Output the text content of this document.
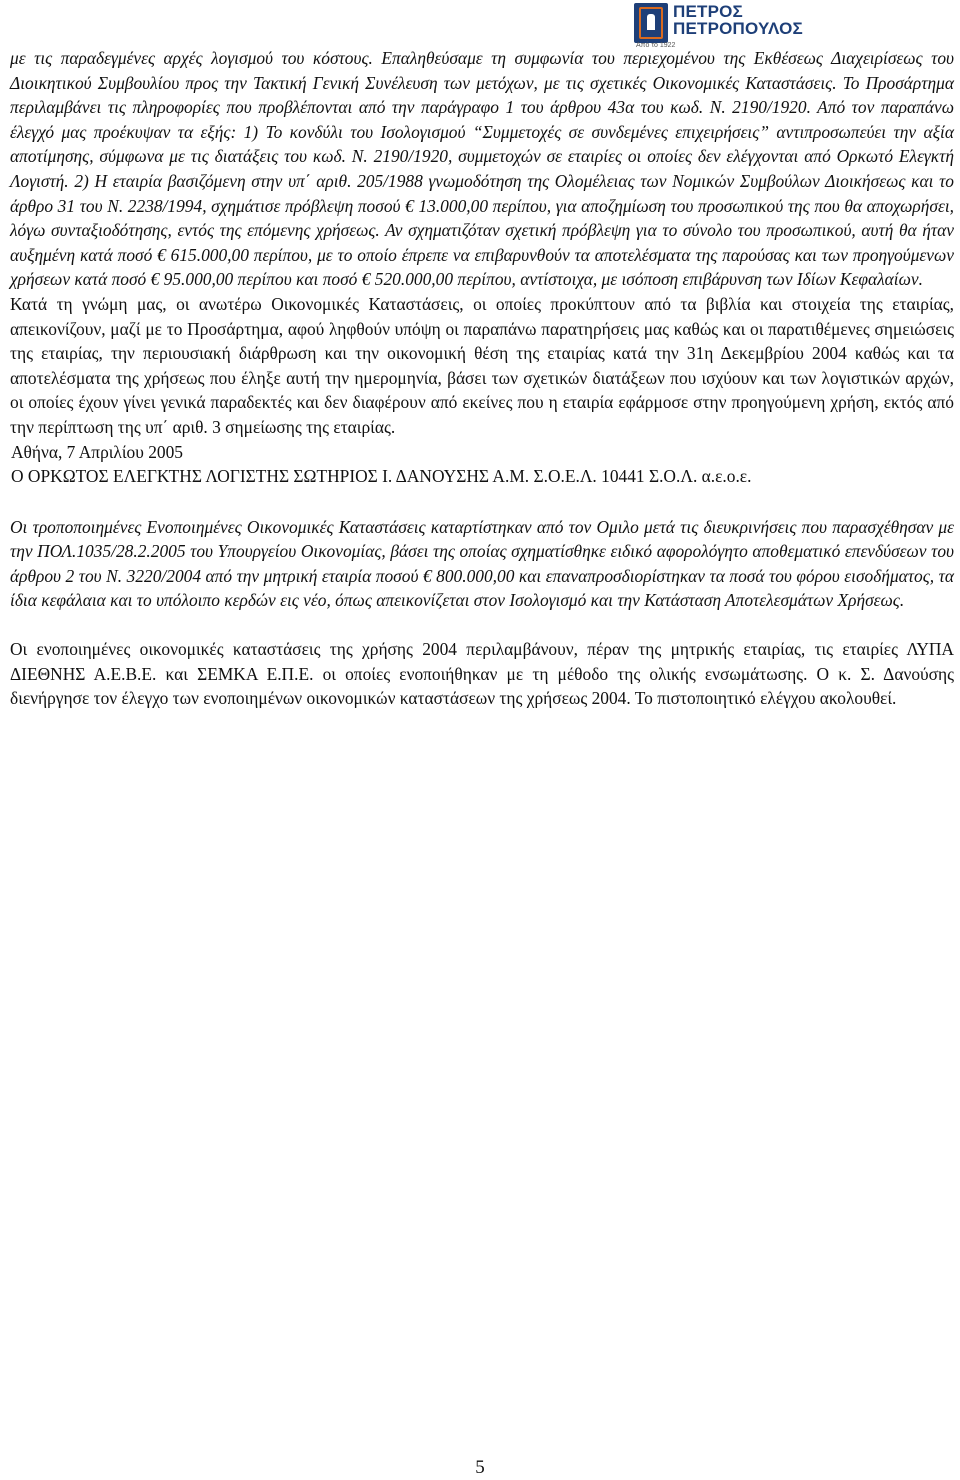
ΠΕΤΡΟΣ
ΠΕΤΡΟΠΟΥΛΟΣ
Από το 1922

με τις παραδεγμένες αρχές λογισμού του κόστους. Επαληθεύσαμε τη συμφωνία του περιεχομένου της Εκθέσεως Διαχειρίσεως του Διοικητικού Συμβουλίου προς την Τακτική Γενική Συνέλευση των μετόχων, με τις σχετικές Οικονομικές Καταστάσεις. Το Προσάρτημα περιλαμβάνει τις πληροφορίες που προβλέπονται από την παράγραφο 1 του άρθρου 43α του κωδ. Ν. 2190/1920. Από τον παραπάνω έλεγχό μας προέκυψαν τα εξής: 1) Το κονδύλι του Ισολογισμού “Συμμετοχές σε συνδεμένες επιχειρήσεις” αντιπροσωπεύει την αξία αποτίμησης, σύμφωνα με τις διατάξεις του κωδ. Ν. 2190/1920, συμμετοχών σε εταιρίες οι οποίες δεν ελέγχονται από Ορκωτό Ελεγκτή Λογιστή. 2) Η εταιρία βασιζόμενη στην υπ΄ αριθ. 205/1988 γνωμοδότηση της Ολομέλειας των Νομικών Συμβούλων Διοικήσεως και το άρθρο 31 του Ν. 2238/1994, σχημάτισε πρόβλεψη ποσού € 13.000,00 περίπου, για αποζημίωση του προσωπικού της που θα αποχωρήσει, λόγω συνταξιοδότησης, εντός της επόμενης χρήσεως. Αν σχηματιζόταν σχετική πρόβλεψη για το σύνολο του προσωπικού, αυτή θα ήταν αυξημένη κατά ποσό € 615.000,00 περίπου, με το οποίο έπρεπε να επιβαρυνθούν τα αποτελέσματα της παρούσας και των προηγούμενων χρήσεων κατά ποσό € 95.000,00 περίπου και ποσό € 520.000,00 περίπου, αντίστοιχα, με ισόποση επιβάρυνση των Ιδίων Κεφαλαίων.

Κατά τη γνώμη μας, οι ανωτέρω Οικονομικές Καταστάσεις, οι οποίες προκύπτουν από τα βιβλία και στοιχεία της εταιρίας, απεικονίζουν, μαζί με το Προσάρτημα, αφού ληφθούν υπόψη οι παραπάνω παρατηρήσεις μας καθώς και οι παρατιθέμενες σημειώσεις της εταιρίας, την περιουσιακή διάρθρωση και την οικονομική θέση της εταιρίας κατά την 31η Δεκεμβρίου 2004 καθώς και τα αποτελέσματα της χρήσεως που έληξε αυτή την ημερομηνία, βάσει των σχετικών διατάξεων που ισχύουν και των λογιστικών αρχών, οι οποίες έχουν γίνει γενικά παραδεκτές και δεν διαφέρουν από εκείνες που η εταιρία εφάρμοσε στην προηγούμενη χρήση, εκτός από την περίπτωση της υπ΄ αριθ. 3 σημείωσης της εταιρίας.

Αθήνα, 7 Απριλίου 2005

Ο ΟΡΚΩΤΟΣ ΕΛΕΓΚΤΗΣ ΛΟΓΙΣΤΗΣ ΣΩΤΗΡΙΟΣ Ι. ΔΑΝΟΥΣΗΣ Α.Μ. Σ.Ο.Ε.Λ. 10441 Σ.Ο.Λ. α.ε.ο.ε.

Οι τροποποιημένες Ενοποιημένες Οικονομικές Καταστάσεις καταρτίστηκαν από τον Ομιλο μετά τις διευκρινήσεις που παρασχέθησαν με την ΠΟΛ.1035/28.2.2005 του Υπουργείου Οικονομίας, βάσει της οποίας σχηματίσθηκε ειδικό αφορολόγητο αποθεματικό επενδύσεων του άρθρου 2 του Ν. 3220/2004 από την μητρική εταιρία ποσού € 800.000,00 και επαναπροσδιορίστηκαν τα ποσά του φόρου εισοδήματος, τα ίδια κεφάλαια και το υπόλοιπο κερδών εις νέο, όπως απεικονίζεται στον Ισολογισμό και την Κατάσταση Αποτελεσμάτων Χρήσεως.

Οι ενοποιημένες οικονομικές καταστάσεις της χρήσης 2004 περιλαμβάνουν, πέραν της μητρικής εταιρίας, τις εταιρίες ΛΥΠΑ ΔΙΕΘΝΗΣ Α.Ε.Β.Ε. και ΣΕΜΚΑ Ε.Π.Ε. οι οποίες ενοποιήθηκαν με τη μέθοδο της ολικής ενσωμάτωσης. Ο κ. Σ. Δανούσης διενήργησε τον έλεγχο των ενοποιημένων οικονομικών καταστάσεων της χρήσεως 2004. Το πιστοποιητικό ελέγχου ακολουθεί.

5
